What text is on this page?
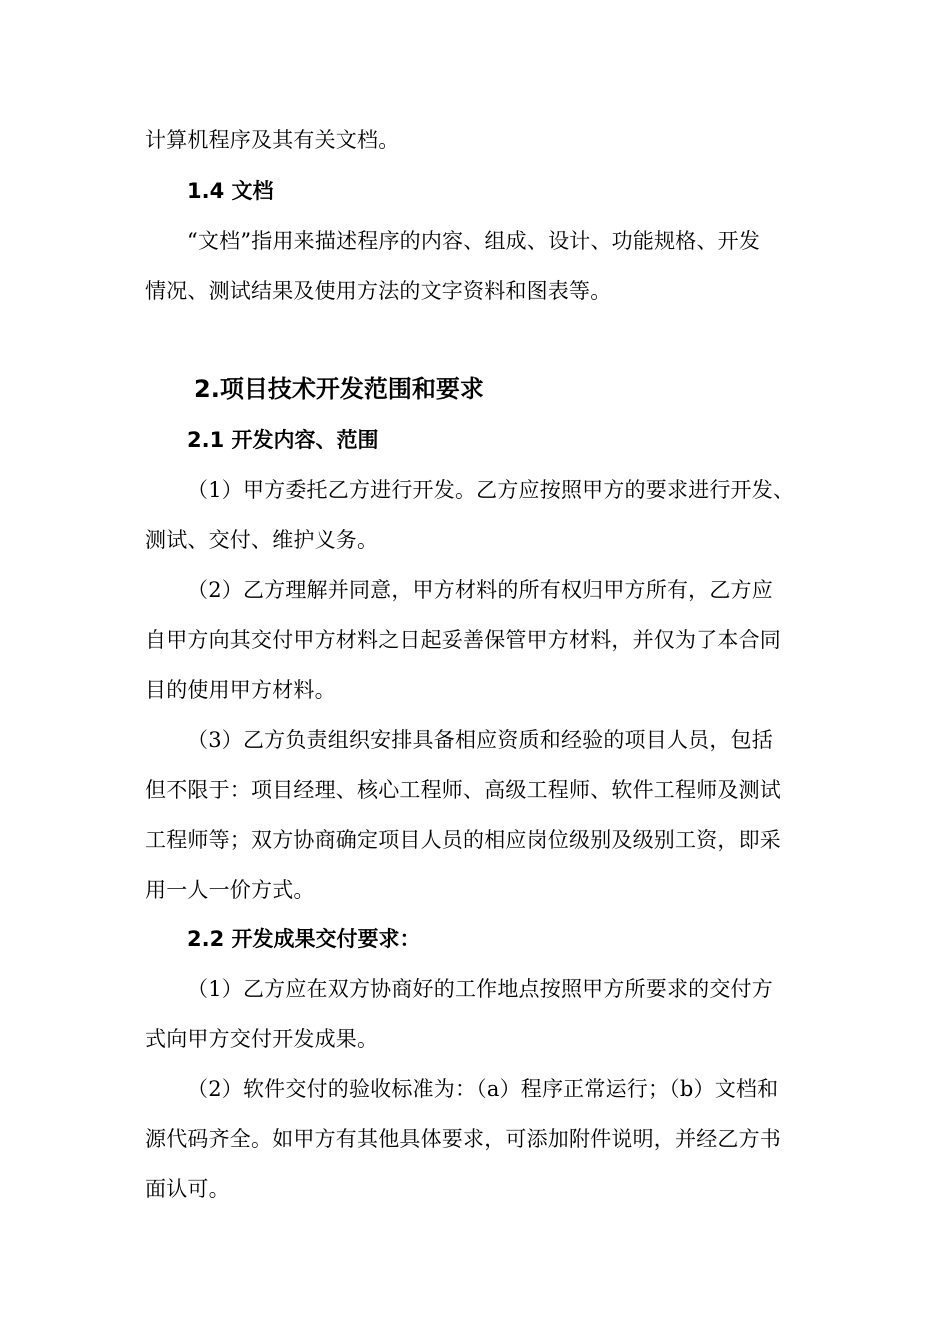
计算机程序及其有关文档。
1.4 文档
“文档”指用来描述程序的内容、组成、设计、功能规格、开发
情况、测试结果及使用方法的文字资料和图表等。
2.项目技术开发范围和要求
2.1 开发内容、范围
（1）甲方委托乙方进行开发。乙方应按照甲方的要求进行开发、
测试、交付、维护义务。
（2）乙方理解并同意，甲方材料的所有权归甲方所有，乙方应
自甲方向其交付甲方材料之日起妥善保管甲方材料，并仅为了本合同
目的使用甲方材料。
（3）乙方负责组织安排具备相应资质和经验的项目人员，包括
但不限于：项目经理、核心工程师、高级工程师、软件工程师及测试
工程师等；双方协商确定项目人员的相应岗位级别及级别工资，即采
用一人一价方式。
2.2 开发成果交付要求：
（1）乙方应在双方协商好的工作地点按照甲方所要求的交付方
式向甲方交付开发成果。
（2）软件交付的验收标准为：（a）程序正常运行；（b）文档和
源代码齐全。如甲方有其他具体要求，可添加附件说明，并经乙方书
面认可。
